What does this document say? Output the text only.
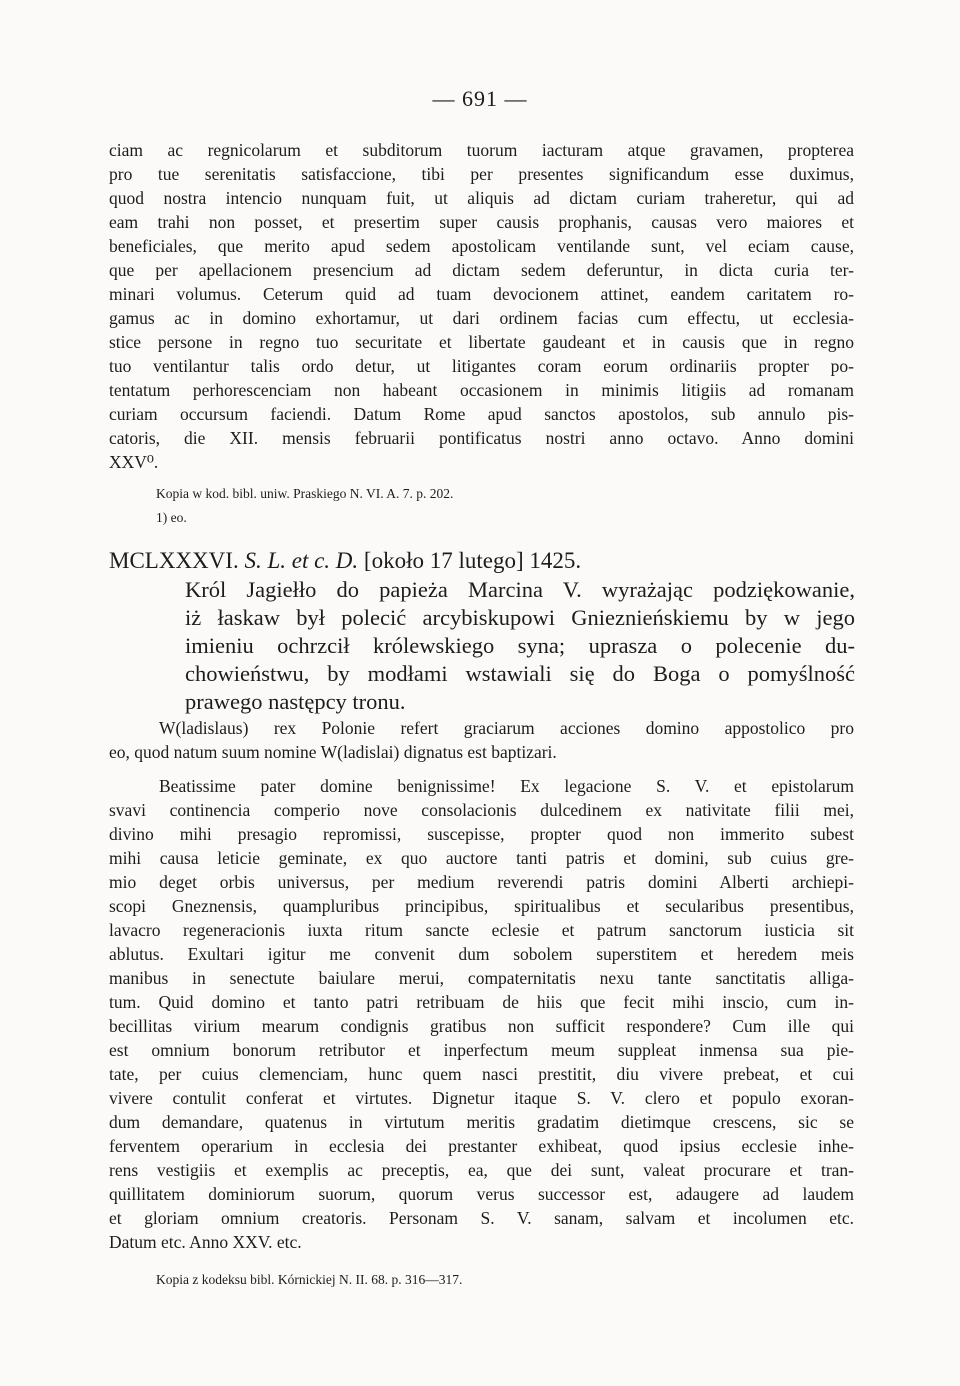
— 691 —
ciam ac regnicolarum et subditorum tuorum iacturam atque gravamen, propterea
pro tue serenitatis satisfaccione, tibi per presentes significandum esse duximus,
quod nostra intencio nunquam fuit, ut aliquis ad dictam curiam traheretur, qui ad
eam trahi non posset, et presertim super causis prophanis, causas vero maiores et
beneficiales, que merito apud sedem apostolicam ventilande sunt, vel eciam cause,
que per apellacionem presencium ad dictam sedem deferuntur, in dicta curia ter-
minari volumus. Ceterum quid ad tuam devocionem attinet, eandem caritatem ro-
gamus ac in domino exhortamur, ut dari ordinem facias cum effectu, ut ecclesia-
stice persone in regno tuo securitate et libertate gaudeant et in causis que in regno
tuo ventilantur talis ordo detur, ut litigantes coram eorum ordinariis propter po-
tentatum perhorescenciam non habeant occasionem in minimis litigiis ad romanam
curiam occursum faciendi. Datum Rome apud sanctos apostolos, sub annulo pis-
catoris, die XII. mensis februarii pontificatus nostri anno octavo. Anno domini
XXV⁰.
Kopia w kod. bibl. uniw. Praskiego N. VI. A. 7. p. 202.
1) eo.
MCLXXXVI. S. L. et c. D. [około 17 lutego] 1425.
Król Jagiełło do papieża Marcina V. wyrażając podziękowanie,
iż łaskaw był polecić arcybiskupowi Gnieznieńskiemu by w jego
imieniu ochrzcił królewskiego syna; uprasza o polecenie du-
chowieństwu, by modłami wstawiali się do Boga o pomyślność
prawego następcy tronu.
W(ladislaus) rex Polonie refert graciarum acciones domino appostolico pro
eo, quod natum suum nomine W(ladislai) dignatus est baptizari.
Beatissime pater domine benignissime! Ex legacione S. V. et epistolarum
svavi continencia comperio nove consolacionis dulcedinem ex nativitate filii mei,
divino mihi presagio repromissi, suscepisse, propter quod non immerito subest
mihi causa leticie geminate, ex quo auctore tanti patris et domini, sub cuius gre-
mio deget orbis universus, per medium reverendi patris domini Alberti archiepi-
scopi Gneznensis, quampluribus principibus, spiritualibus et secularibus presentibus,
lavacro regeneracionis iuxta ritum sancte eclesie et patrum sanctorum iusticia sit
ablutus. Exultari igitur me convenit dum sobolem superstitem et heredem meis
manibus in senectute baiulare merui, compaternitatis nexu tante sanctitatis alliga-
tum. Quid domino et tanto patri retribuam de hiis que fecit mihi inscio, cum in-
becillitas virium mearum condignis gratibus non sufficit respondere? Cum ille qui
est omnium bonorum retributor et inperfectum meum suppleat inmensa sua pie-
tate, per cuius clemenciam, hunc quem nasci prestitit, diu vivere prebeat, et cui
vivere contulit conferat et virtutes. Dignetur itaque S. V. clero et populo exoran-
dum demandare, quatenus in virtutum meritis gradatim dietimque crescens, sic se
ferventem operarium in ecclesia dei prestanter exhibeat, quod ipsius ecclesie inhe-
rens vestigiis et exemplis ac preceptis, ea, que dei sunt, valeat procurare et tran-
quillitatem dominiorum suorum, quorum verus successor est, adaugere ad laudem
et gloriam omnium creatoris. Personam S. V. sanam, salvam et incolumen etc.
Datum etc. Anno XXV. etc.
Kopia z kodeksu bibl. Kórnickiej N. II. 68. p. 316—317.
